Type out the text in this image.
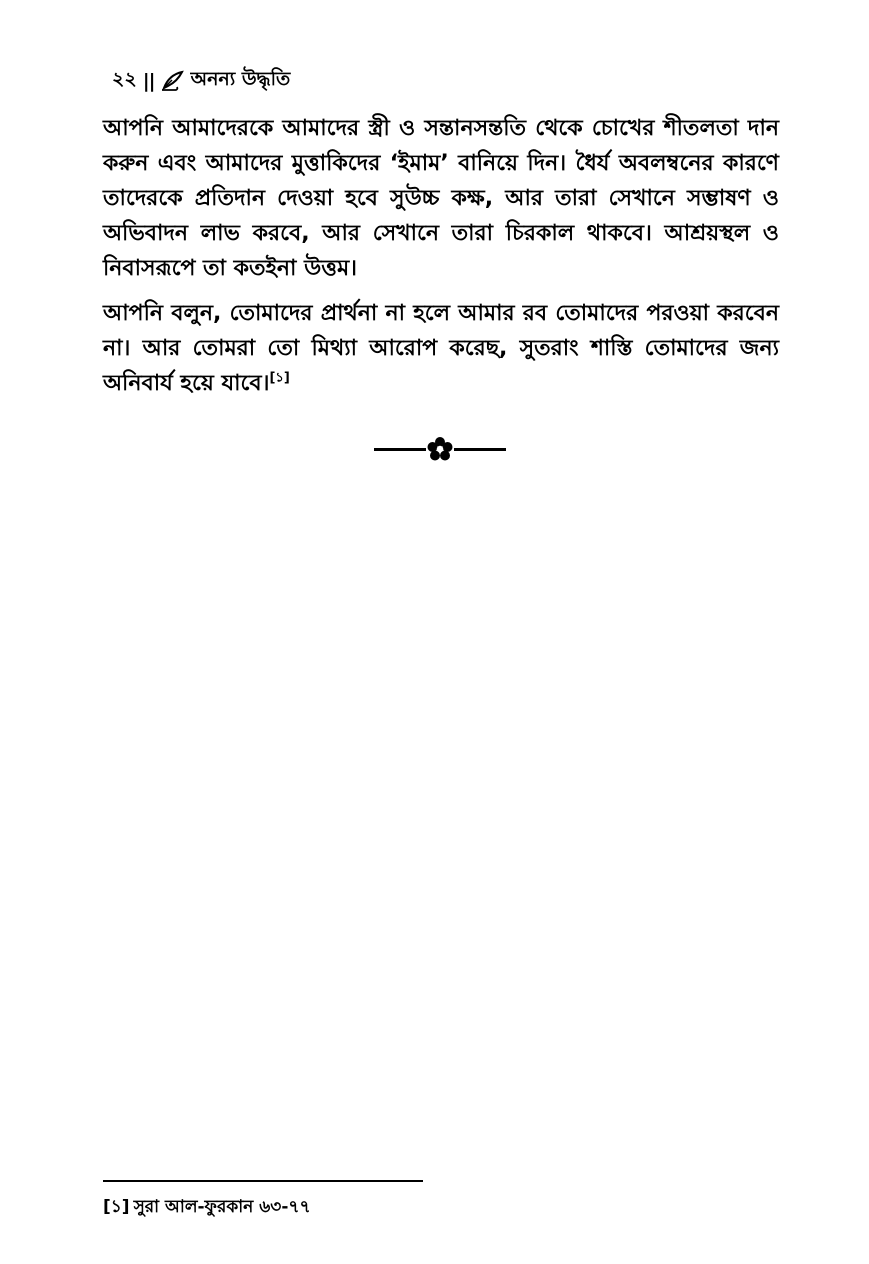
২২ || অনন্য উদ্ধৃতি

আপনি আমাদেরকে আমাদের স্ত্রী ও সন্তানসন্ততি থেকে চোখের শীতলতা দান করুন এবং আমাদের মুত্তাকিদের ‘ইমাম’ বানিয়ে দিন। ধৈর্য অবলম্বনের কারণে তাদেরকে প্রতিদান দেওয়া হবে সুউচ্চ কক্ষ, আর তারা সেখানে সম্ভাষণ ও অভিবাদন লাভ করবে, আর সেখানে তারা চিরকাল থাকবে। আশ্রয়স্থল ও নিবাসরূপে তা কতইনা উত্তম।

আপনি বলুন, তোমাদের প্রার্থনা না হলে আমার রব তোমাদের পরওয়া করবেন না। আর তোমরা তো মিথ্যা আরোপ করেছ, সুতরাং শাস্তি তোমাদের জন্য অনিবার্য হয়ে যাবে।[১]

[১] সুরা আল-ফুরকান ৬৩-৭৭
